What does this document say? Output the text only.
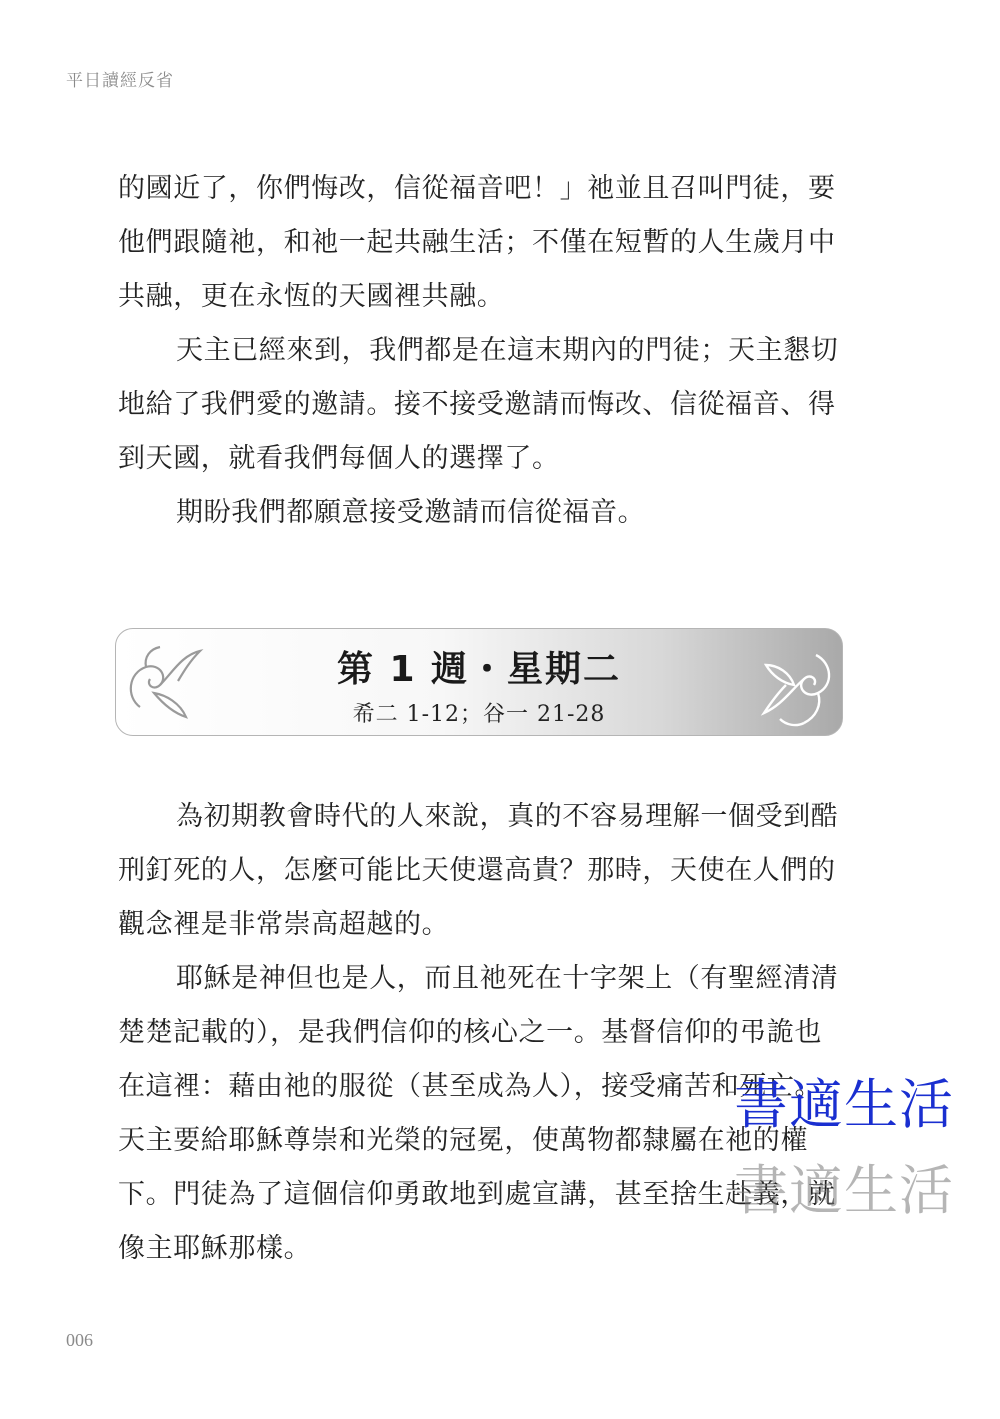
平日讀經反省
的國近了，你們悔改，信從福音吧！」祂並且召叫門徒，要
他們跟隨祂，和祂一起共融生活；不僅在短暫的人生歲月中
共融，更在永恆的天國裡共融。
天主已經來到，我們都是在這末期內的門徒；天主懇切
地給了我們愛的邀請。接不接受邀請而悔改、信從福音、得
到天國，就看我們每個人的選擇了。
期盼我們都願意接受邀請而信從福音。
第 1 週・星期二
希二 1-12；谷一 21-28
為初期教會時代的人來說，真的不容易理解一個受到酷
刑釘死的人，怎麼可能比天使還高貴？那時，天使在人們的
觀念裡是非常崇高超越的。
耶穌是神但也是人，而且祂死在十字架上（有聖經清清
楚楚記載的），是我們信仰的核心之一。基督信仰的弔詭也
在這裡：藉由祂的服從（甚至成為人），接受痛苦和死亡。
天主要給耶穌尊崇和光榮的冠冕，使萬物都隸屬在祂的權
下。門徒為了這個信仰勇敢地到處宣講，甚至捨生赴義，就
像主耶穌那樣。
書適生活
書適生活
006
